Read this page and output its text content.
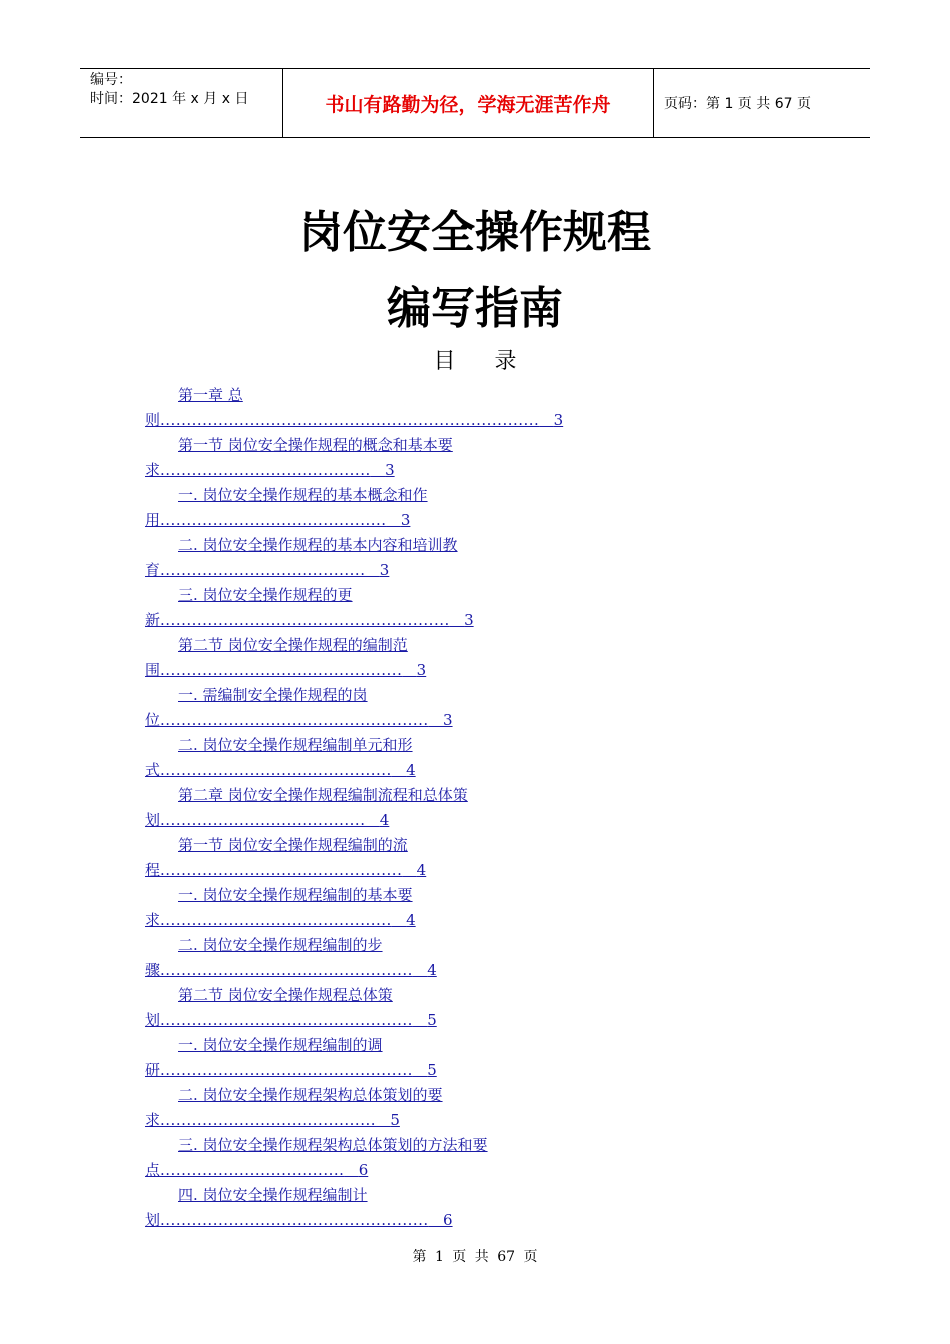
编号：
时间：2021 年 x 月 x 日	书山有路勤为径，学海无涯苦作舟	页码：第 1 页 共 67 页
岗位安全操作规程
编写指南
目 录
第一章 总
则........................................................................ 3
第一节 岗位安全操作规程的概念和基本要
求........................................ 3
一. 岗位安全操作规程的基本概念和作
用........................................... 3
二. 岗位安全操作规程的基本内容和培训教
育....................................... 3
三. 岗位安全操作规程的更
新....................................................... 3
第二节 岗位安全操作规程的编制范
围.............................................. 3
一. 需编制安全操作规程的岗
位................................................... 3
二. 岗位安全操作规程编制单元和形
式............................................ 4
第二章 岗位安全操作规程编制流程和总体策
划....................................... 4
第一节 岗位安全操作规程编制的流
程.............................................. 4
一. 岗位安全操作规程编制的基本要
求............................................ 4
二. 岗位安全操作规程编制的步
骤................................................ 4
第二节 岗位安全操作规程总体策
划................................................ 5
一. 岗位安全操作规程编制的调
研................................................ 5
二. 岗位安全操作规程架构总体策划的要
求......................................... 5
三. 岗位安全操作规程架构总体策划的方法和要
点................................... 6
四. 岗位安全操作规程编制计
划................................................... 6
第 1 页 共 67 页
